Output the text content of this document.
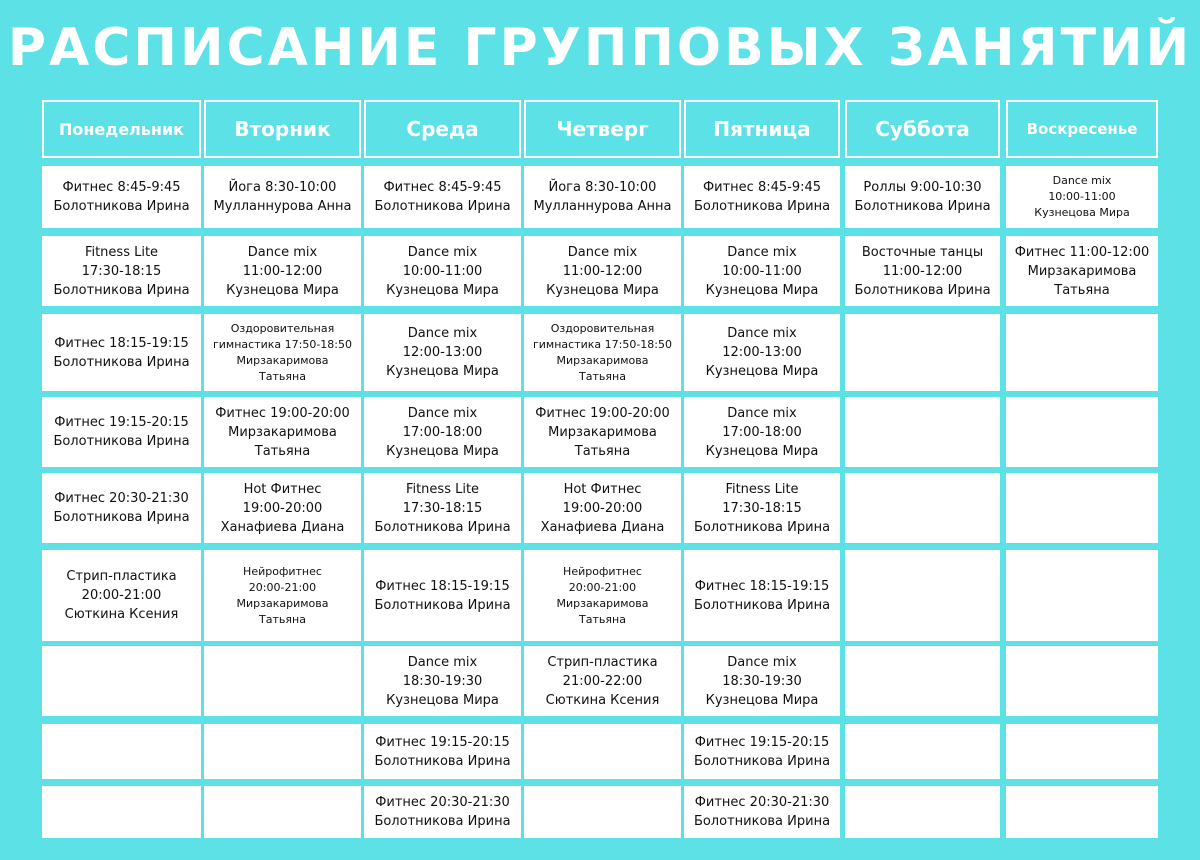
РАСПИСАНИЕ ГРУППОВЫХ ЗАНЯТИЙ
Понедельник
Фитнес 8:45-9:45
Болотникова Ирина
Fitness Lite
17:30-18:15
Болотникова Ирина
Фитнес 18:15-19:15
Болотникова Ирина
Фитнес 19:15-20:15
Болотникова Ирина
Фитнес 20:30-21:30
Болотникова Ирина
Стрип-пластика
20:00-21:00
Сюткина Ксения
Вторник
Йога 8:30-10:00
Мулланнурова Анна
Dance mix
11:00-12:00
Кузнецова Мира
Оздоровительная
гимнастика 17:50-18:50
Мирзакаримова
Татьяна
Фитнес 19:00-20:00
Мирзакаримова
Татьяна
Hot Фитнес
19:00-20:00
Ханафиева Диана
Нейрофитнес
20:00-21:00
Мирзакаримова
Татьяна
Среда
Фитнес 8:45-9:45
Болотникова Ирина
Dance mix
10:00-11:00
Кузнецова Мира
Dance mix
12:00-13:00
Кузнецова Мира
Dance mix
17:00-18:00
Кузнецова Мира
Fitness Lite
17:30-18:15
Болотникова Ирина
Фитнес 18:15-19:15
Болотникова Ирина
Dance mix
18:30-19:30
Кузнецова Мира
Фитнес 19:15-20:15
Болотникова Ирина
Фитнес 20:30-21:30
Болотникова Ирина
Четверг
Йога 8:30-10:00
Мулланнурова Анна
Dance mix
11:00-12:00
Кузнецова Мира
Оздоровительная
гимнастика 17:50-18:50
Мирзакаримова
Татьяна
Фитнес 19:00-20:00
Мирзакаримова
Татьяна
Hot Фитнес
19:00-20:00
Ханафиева Диана
Нейрофитнес
20:00-21:00
Мирзакаримова
Татьяна
Стрип-пластика
21:00-22:00
Сюткина Ксения
Пятница
Фитнес 8:45-9:45
Болотникова Ирина
Dance mix
10:00-11:00
Кузнецова Мира
Dance mix
12:00-13:00
Кузнецова Мира
Dance mix
17:00-18:00
Кузнецова Мира
Fitness Lite
17:30-18:15
Болотникова Ирина
Фитнес 18:15-19:15
Болотникова Ирина
Dance mix
18:30-19:30
Кузнецова Мира
Фитнес 19:15-20:15
Болотникова Ирина
Фитнес 20:30-21:30
Болотникова Ирина
Суббота
Роллы 9:00-10:30
Болотникова Ирина
Восточные танцы
11:00-12:00
Болотникова Ирина
Воскресенье
Dance mix
10:00-11:00
Кузнецова Мира
Фитнес 11:00-12:00
Мирзакаримова
Татьяна
